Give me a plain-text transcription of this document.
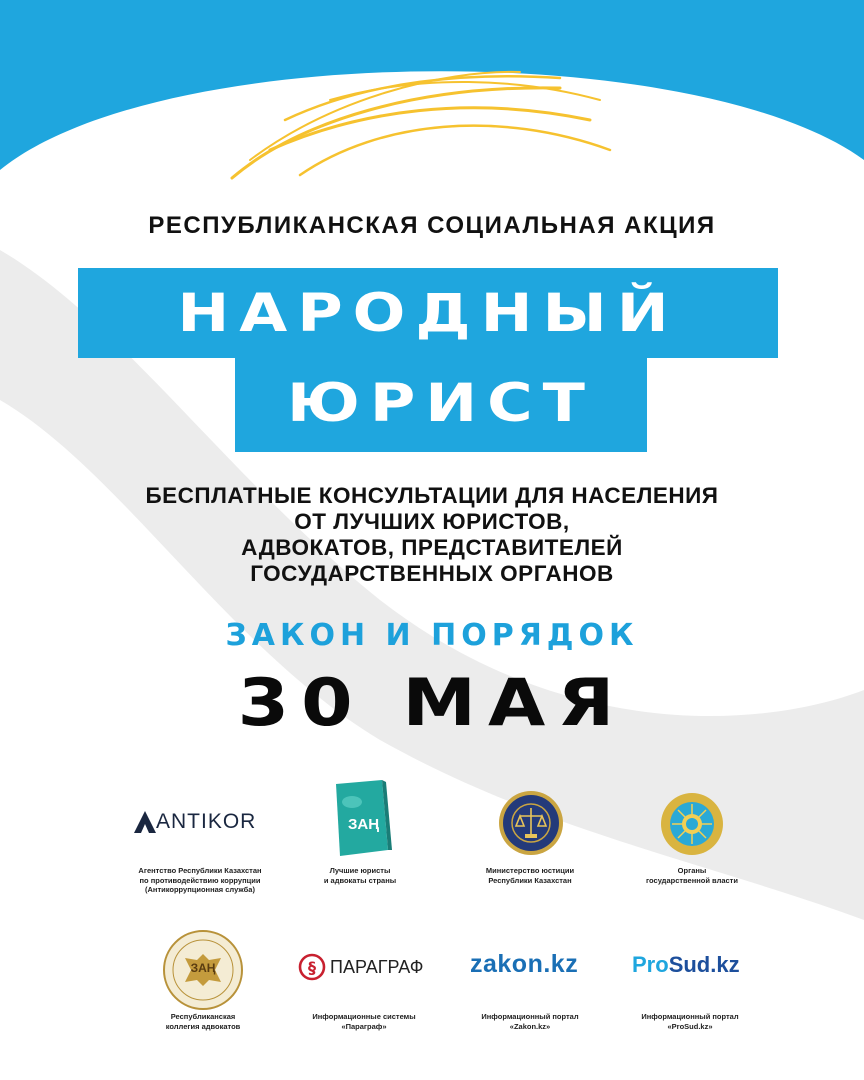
РЕСПУБЛИКАНСКАЯ СОЦИАЛЬНАЯ АКЦИЯ
НАРОДНЫЙ
ЮРИСТ
БЕСПЛАТНЫЕ КОНСУЛЬТАЦИИ ДЛЯ НАСЕЛЕНИЯ
ОТ ЛУЧШИХ ЮРИСТОВ,
АДВОКАТОВ, ПРЕДСТАВИТЕЛЕЙ
ГОСУДАРСТВЕННЫХ ОРГАНОВ
ЗАКОН И ПОРЯДОК
30 МАЯ
ANTIKOR
Агентство Республики Казахстан
по противодействию коррупции
(Антикоррупционная служба)
ЗАҢ
Лучшие юристы
и адвокаты страны
Министерство юстиции
Республики Казахстан
Органы
государственной власти
ЗАҢ
Республиканская
коллегия адвокатов
§ ПАРАГРАФ
Информационные системы
«Параграф»
zakon.kz
Информационный портал
«Zakon.kz»
ProSud.kz
Информационный портал
«ProSud.kz»
